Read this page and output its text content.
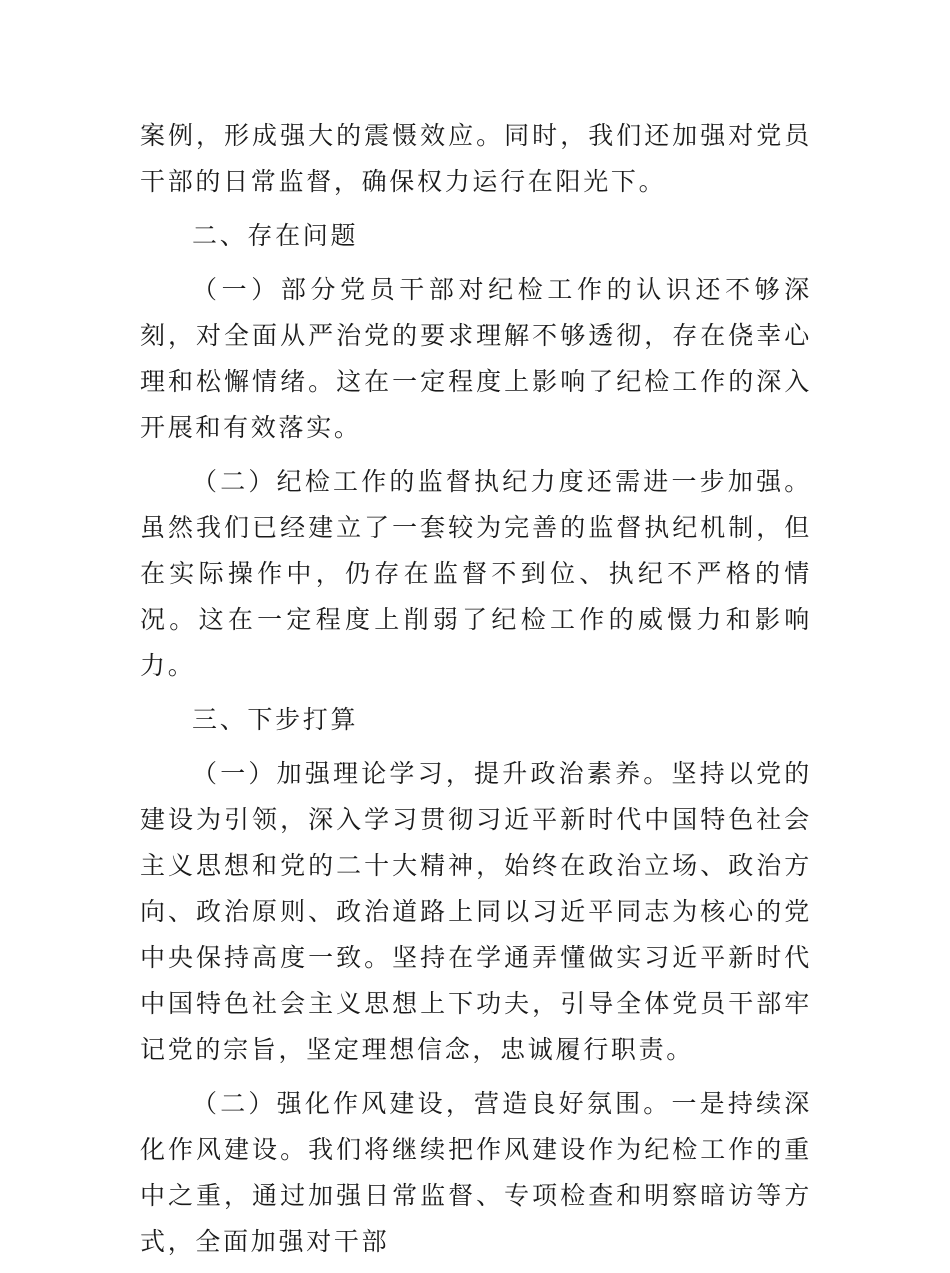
案例，形成强大的震慑效应。同时，我们还加强对党员干部的日常监督，确保权力运行在阳光下。

二、存在问题

（一）部分党员干部对纪检工作的认识还不够深刻，对全面从严治党的要求理解不够透彻，存在侥幸心理和松懈情绪。这在一定程度上影响了纪检工作的深入开展和有效落实。

（二）纪检工作的监督执纪力度还需进一步加强。虽然我们已经建立了一套较为完善的监督执纪机制，但在实际操作中，仍存在监督不到位、执纪不严格的情况。这在一定程度上削弱了纪检工作的威慑力和影响力。

三、下步打算

（一）加强理论学习，提升政治素养。坚持以党的建设为引领，深入学习贯彻习近平新时代中国特色社会主义思想和党的二十大精神，始终在政治立场、政治方向、政治原则、政治道路上同以习近平同志为核心的党中央保持高度一致。坚持在学通弄懂做实习近平新时代中国特色社会主义思想上下功夫，引导全体党员干部牢记党的宗旨，坚定理想信念，忠诚履行职责。

（二）强化作风建设，营造良好氛围。一是持续深化作风建设。我们将继续把作风建设作为纪检工作的重中之重，通过加强日常监督、专项检查和明察暗访等方式，全面加强对干部
